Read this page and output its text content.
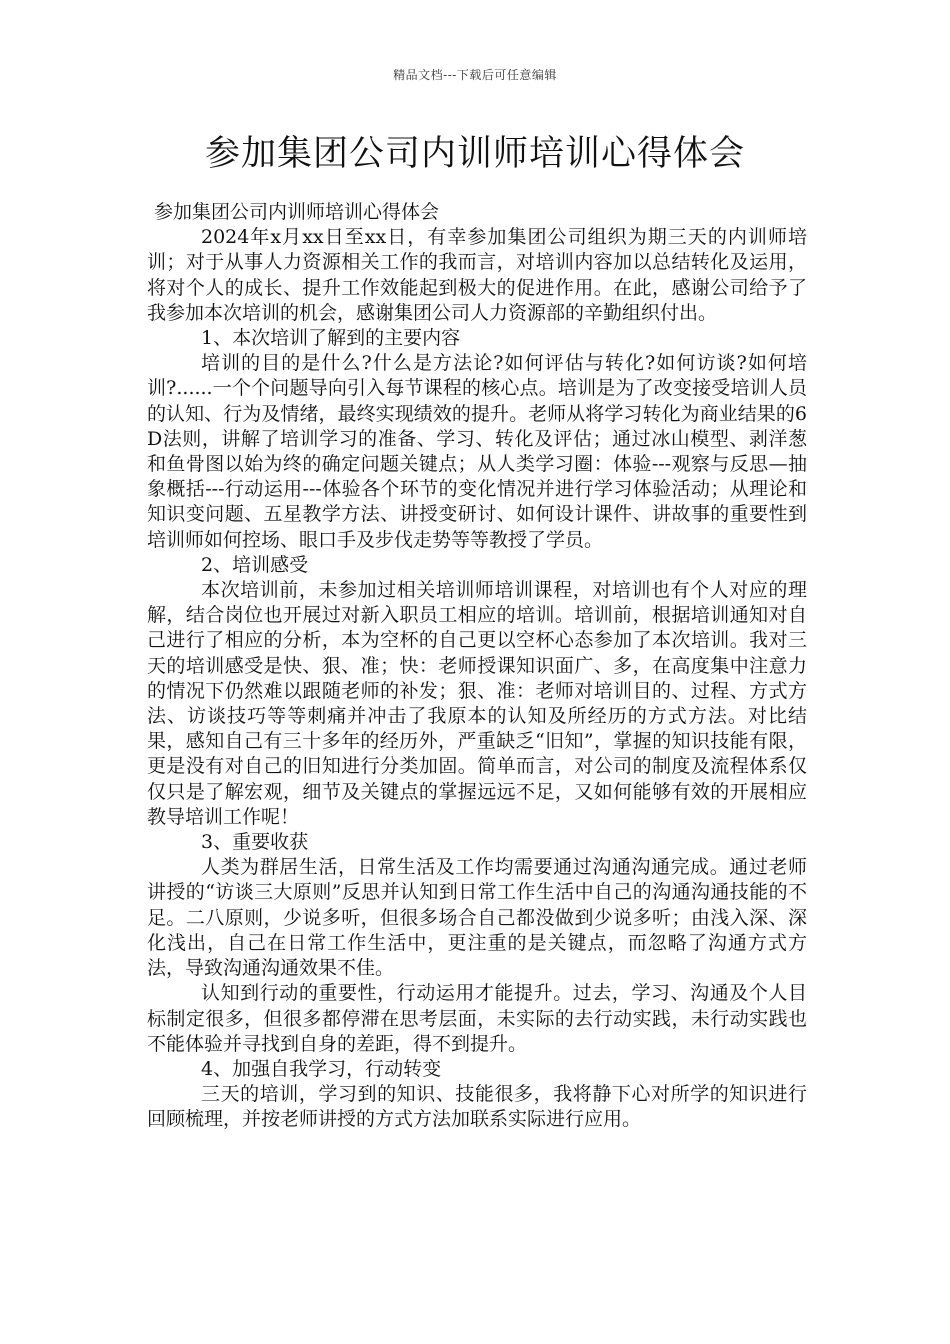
精品文档---下载后可任意编辑
参加集团公司内训师培训心得体会

参加集团公司内训师培训心得体会

2024年x月xx日至xx日，有幸参加集团公司组织为期三天的内训师培训；对于从事人力资源相关工作的我而言，对培训内容加以总结转化及运用，将对个人的成长、提升工作效能起到极大的促进作用。在此，感谢公司给予了我参加本次培训的机会，感谢集团公司人力资源部的辛勤组织付出。

1、本次培训了解到的主要内容

培训的目的是什么?什么是方法论?如何评估与转化?如何访谈?如何培训?......一个个问题导向引入每节课程的核心点。培训是为了改变接受培训人员的认知、行为及情绪，最终实现绩效的提升。老师从将学习转化为商业结果的6D法则，讲解了培训学习的准备、学习、转化及评估；通过冰山模型、剥洋葱和鱼骨图以始为终的确定问题关键点；从人类学习圈：体验---观察与反思—抽象概括---行动运用---体验各个环节的变化情况并进行学习体验活动；从理论和知识变问题、五星教学方法、讲授变研讨、如何设计课件、讲故事的重要性到培训师如何控场、眼口手及步伐走势等等教授了学员。

2、培训感受

本次培训前，未参加过相关培训师培训课程，对培训也有个人对应的理解，结合岗位也开展过对新入职员工相应的培训。培训前，根据培训通知对自己进行了相应的分析，本为空杯的自己更以空杯心态参加了本次培训。我对三天的培训感受是快、狠、准；快：老师授课知识面广、多，在高度集中注意力的情况下仍然难以跟随老师的补发；狠、准：老师对培训目的、过程、方式方法、访谈技巧等等刺痛并冲击了我原本的认知及所经历的方式方法。对比结果，感知自己有三十多年的经历外，严重缺乏“旧知”，掌握的知识技能有限，更是没有对自己的旧知进行分类加固。简单而言，对公司的制度及流程体系仅仅只是了解宏观，细节及关键点的掌握远远不足，又如何能够有效的开展相应教导培训工作呢！

3、重要收获

人类为群居生活，日常生活及工作均需要通过沟通沟通完成。通过老师讲授的“访谈三大原则”反思并认知到日常工作生活中自己的沟通沟通技能的不足。二八原则，少说多听，但很多场合自己都没做到少说多听；由浅入深、深化浅出，自己在日常工作生活中，更注重的是关键点，而忽略了沟通方式方法，导致沟通沟通效果不佳。

认知到行动的重要性，行动运用才能提升。过去，学习、沟通及个人目标制定很多，但很多都停滞在思考层面，未实际的去行动实践，未行动实践也不能体验并寻找到自身的差距，得不到提升。

4、加强自我学习，行动转变

三天的培训，学习到的知识、技能很多，我将静下心对所学的知识进行回顾梳理，并按老师讲授的方式方法加联系实际进行应用。
